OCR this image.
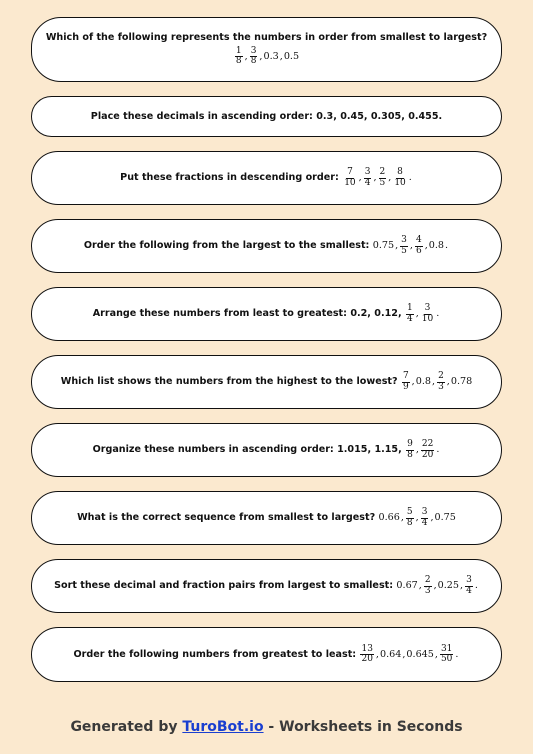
Which of the following represents the numbers in order from smallest to largest?
$\frac{1}{8}$ , $\frac{3}{8}$ , 0.3 , 0.5
Place these decimals in ascending order: 0.3, 0.45, 0.305, 0.455.
Put these fractions in descending order:
$\frac{7}{10}$ , $\frac{3}{4}$ , $\frac{2}{5}$ , $\frac{8}{10}$ .
Order the following from the largest to the smallest:
0.75 , $\frac{3}{5}$ , $\frac{4}{6}$ , 0.8 .
Arrange these numbers from least to greatest: 0.2, 0.12,
$\frac{1}{4}$ , $\frac{3}{10}$ .
Which list shows the numbers from the highest to the lowest?
$\frac{7}{9}$ , 0.8 , $\frac{2}{3}$ , 0.78
Organize these numbers in ascending order: 1.015, 1.15,
$\frac{9}{8}$ , $\frac{22}{20}$ .
What is the correct sequence from smallest to largest?
0.66 , $\frac{5}{8}$ , $\frac{3}{4}$ , 0.75
Sort these decimal and fraction pairs from largest to smallest:
0.67 , $\frac{2}{3}$ , 0.25 , $\frac{3}{4}$ .
Order the following numbers from greatest to least:
$\frac{13}{20}$ , 0.64 , 0.645 , $\frac{31}{50}$ .
Generated by TuroBot.io - Worksheets in Seconds
